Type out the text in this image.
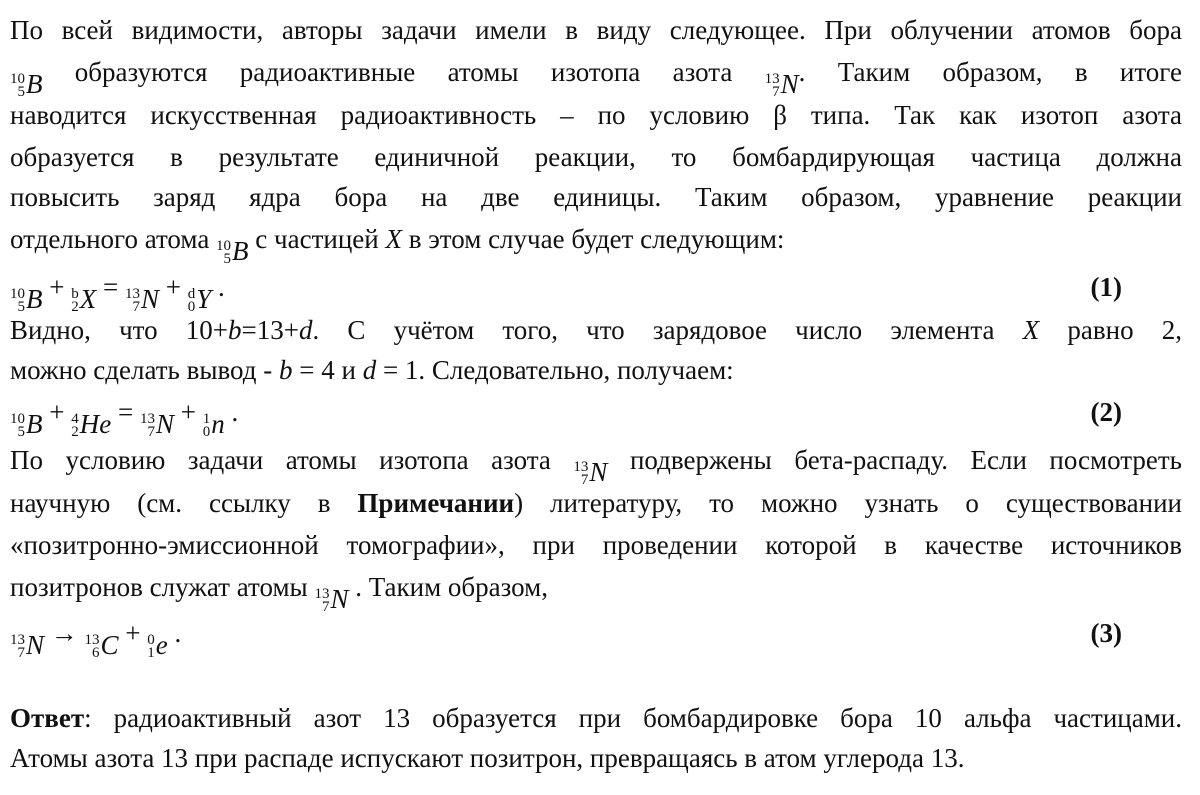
По всей видимости, авторы задачи имели в виду следующее. При облучении атомов бора
10
5 B образуются радиоактивные атомы изотопа азота 13
7 N . Таким образом, в итоге
наводится искусственная радиоактивность – по условию β типа. Так как изотоп азота
образуется в результате единичной реакции, то бомбардирующая частица должна
повысить заряд ядра бора на две единицы. Таким образом, уравнение реакции
отдельного атома 10
5 B с частицей X в этом случае будет следующим:
10
5 B + b
2 X = 13
7 N + d
0 Y .	(1)
Видно, что 10+b=13+d. С учётом того, что зарядовое число элемента X равно 2,
можно сделать вывод - b = 4 и d = 1. Следовательно, получаем:
10
5 B + 4
2 He = 13
7 N + 1
0 n .	(2)
По условию задачи атомы изотопа азота 13
7 N подвержены бета-распаду. Если посмотреть
научную (см. ссылку в Примечании) литературу, то можно узнать о существовании
«позитронно-эмиссионной томографии», при проведении которой в качестве источников
позитронов служат атомы 13
7 N . Таким образом,
13
7 N → 13
6 C + 0
1 e .	(3)
Ответ: радиоактивный азот 13 образуется при бомбардировке бора 10 альфа частицами.
Атомы азота 13 при распаде испускают позитрон, превращаясь в атом углерода 13.
